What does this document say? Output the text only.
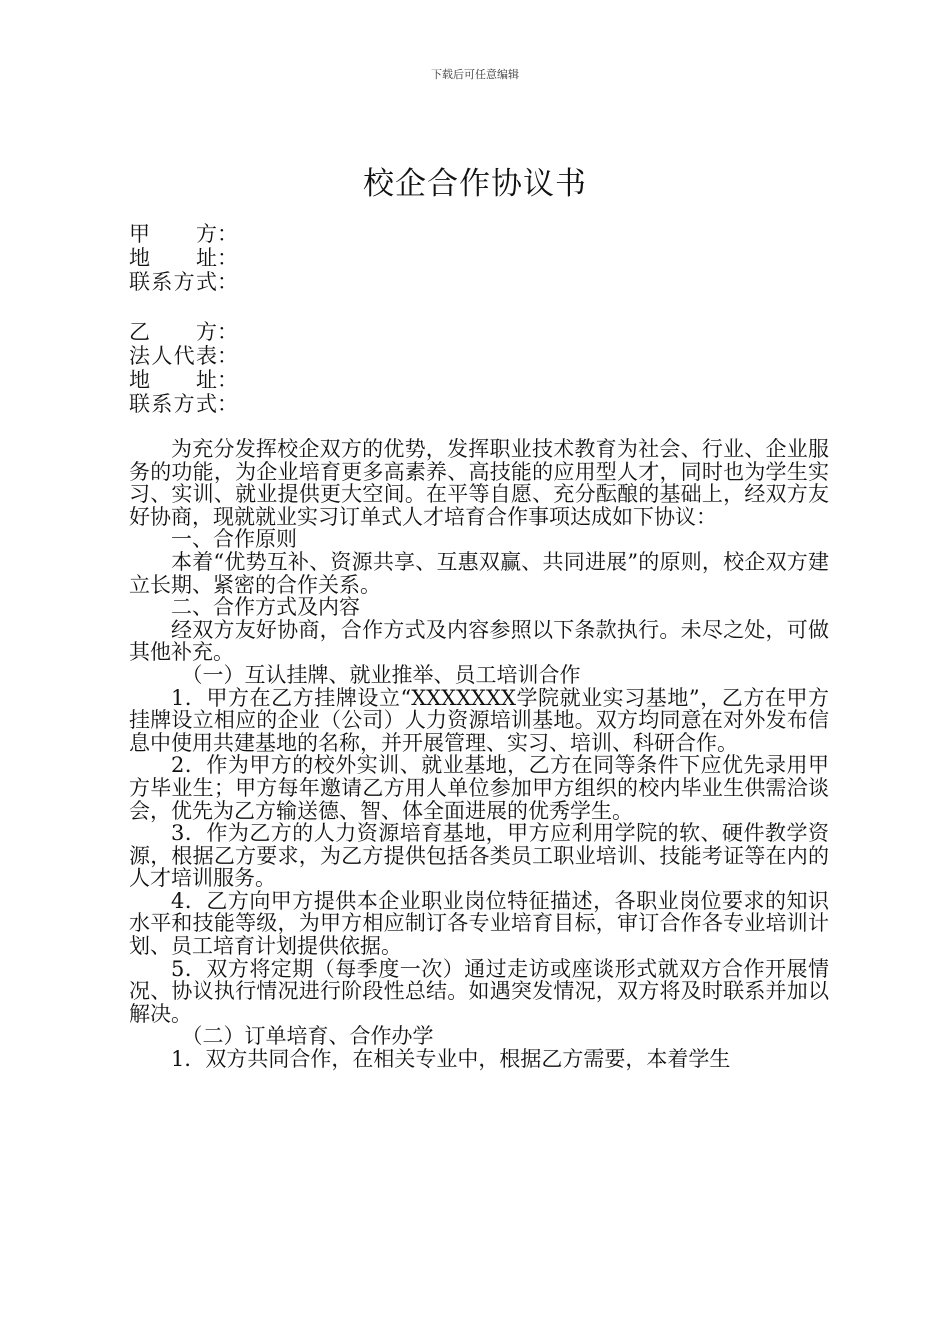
下载后可任意编辑
校企合作协议书
甲方 ：
地址 ：
联系方式 ：
乙方 ：
法人代表 ：
地址 ：
联系方式 ：

为充分发挥校企双方的优势，发挥职业技术教育为社会、行业、企业服务的功能，为企业培育更多高素养、高技能的应用型人才，同时也为学生实习、实训、就业提供更大空间。在平等自愿、充分酝酿的基础上，经双方友好协商，现就就业实习订单式人才培育合作事项达成如下协议：

一、合作原则

本着“优势互补、资源共享、互惠双赢、共同进展”的原则，校企双方建立长期、紧密的合作关系。

二、合作方式及内容

经双方友好协商，合作方式及内容参照以下条款执行。未尽之处，可做其他补充。

（一）互认挂牌、就业推举、员工培训合作

1．甲方在乙方挂牌设立“XXXXXXX学院就业实习基地”，乙方在甲方挂牌设立相应的企业（公司）人力资源培训基地。双方均同意在对外发布信息中使用共建基地的名称，并开展管理、实习、培训、科研合作。

2．作为甲方的校外实训、就业基地，乙方在同等条件下应优先录用甲方毕业生；甲方每年邀请乙方用人单位参加甲方组织的校内毕业生供需洽谈会，优先为乙方输送德、智、体全面进展的优秀学生。

3．作为乙方的人力资源培育基地，甲方应利用学院的软、硬件教学资源，根据乙方要求，为乙方提供包括各类员工职业培训、技能考证等在内的人才培训服务。

4．乙方向甲方提供本企业职业岗位特征描述，各职业岗位要求的知识水平和技能等级，为甲方相应制订各专业培育目标，审订合作各专业培训计划、员工培育计划提供依据。

5．双方将定期（每季度一次）通过走访或座谈形式就双方合作开展情况、协议执行情况进行阶段性总结。如遇突发情况，双方将及时联系并加以解决。

（二）订单培育、合作办学

1．双方共同合作，在相关专业中，根据乙方需要，本着学生
